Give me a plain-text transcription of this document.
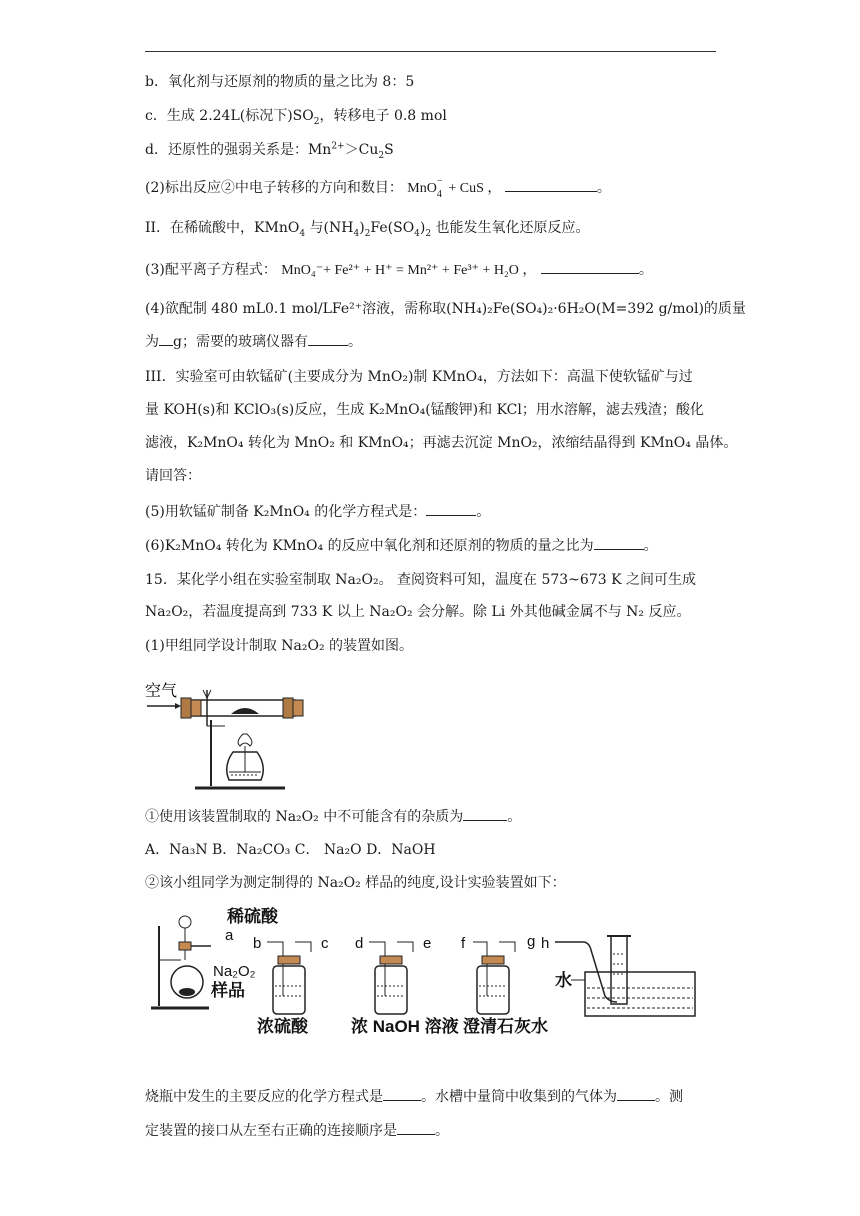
b．氧化剂与还原剂的物质的量之比为 8：5
c．生成 2.24L(标况下)$SO_2$，转移电子 0.8 mol
d．还原性的强弱关系是：$Mn^{2+}>Cu_2S$
(2)标出反应②中电子转移的方向和数目： MnO −
4 + CuS ，	。
II．在稀硫酸中，KMnO$_4$ 与$(NH_4)_2Fe(SO_4)_2$ 也能发生氧化还原反应。
(3)配平离子方程式： MnO₄⁻+ Fe²⁺ + H⁺ = Mn²⁺ + Fe³⁺ + H₂O ，	。
(4)欲配制 480 mL0.1 mol/LFe²⁺溶液，需称取(NH₄)₂Fe(SO₄)₂·6H₂O(M=392 g/mol)的质量
为 g；需要的玻璃仪器有	。
III．实验室可由软锰矿(主要成分为 MnO₂)制 KMnO₄，方法如下：高温下使软锰矿与过
量 KOH(s)和 KClO₃(s)反应，生成 K₂MnO₄(锰酸钾)和 KCl；用水溶解，滤去残渣；酸化
滤液，K₂MnO₄ 转化为 MnO₂ 和 KMnO₄；再滤去沉淀 MnO₂，浓缩结晶得到 KMnO₄ 晶体。
请回答：
(5)用软锰矿制备 K₂MnO₄ 的化学方程式是：	。
(6)K₂MnO₄ 转化为 KMnO₄ 的反应中氧化剂和还原剂的物质的量之比为	。
15．某化学小组在实验室制取 Na₂O₂。 查阅资料可知，温度在 573~673 K 之间可生成
Na₂O₂，若温度提高到 733 K 以上 Na₂O₂ 会分解。除 Li 外其他碱金属不与 N₂ 反应。
(1)甲组同学设计制取 Na₂O₂ 的装置如图。
空气
①使用该装置制取的 Na₂O₂ 中不可能含有的杂质为	。
A．Na₃N B．Na₂CO₃ C． Na₂O D．NaOH
②该小组同学为测定制得的 Na₂O₂ 样品的纯度,设计实验装置如下：
稀硫酸
a
Na₂O₂
样品
b	c
浓硫酸
d	e
浓 NaOH 溶液
f	g
澄清石灰水
h
水
烧瓶中发生的主要反应的化学方程式是	。水槽中量筒中收集到的气体为	。测
定装置的接口从左至右正确的连接顺序是	。
